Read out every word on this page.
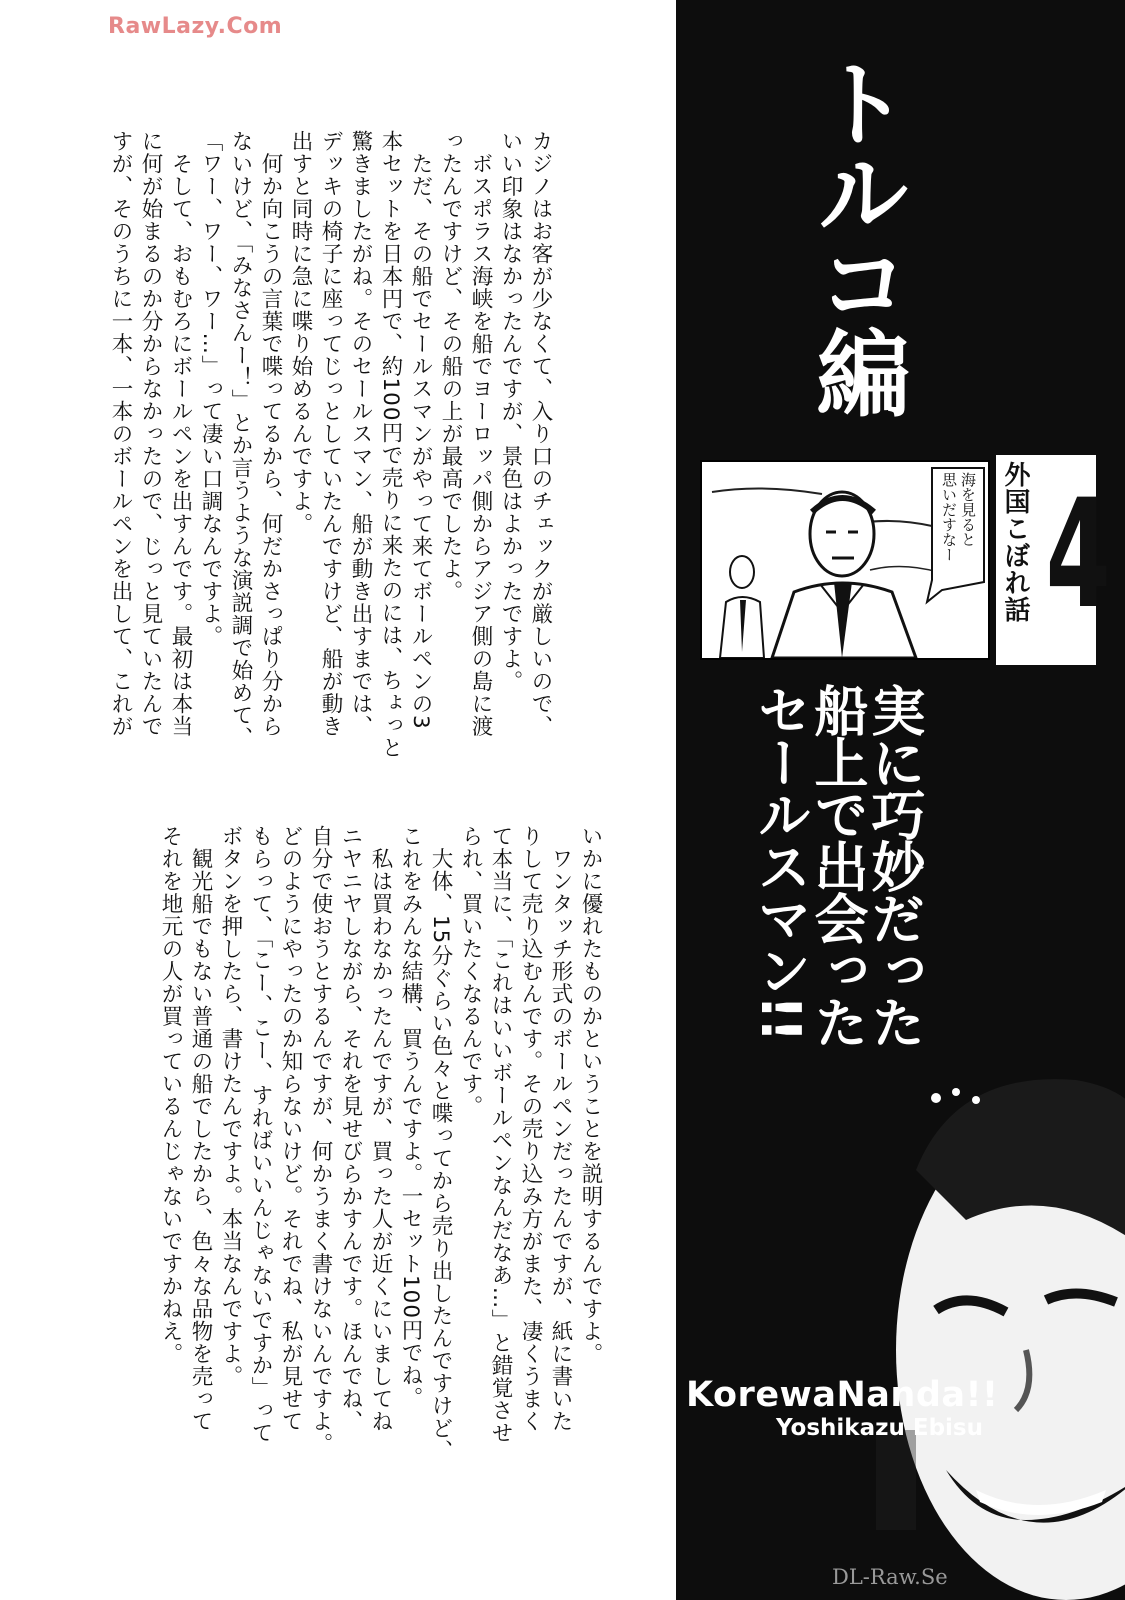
RawLazy.Com
カジノはお客が少なくて、入り口のチェックが厳しいので、
いい印象はなかったんですが、景色はよかったですよ。
　ボスポラス海峡を船でヨーロッパ側からアジア側の島に渡
ったんですけど、その船の上が最高でしたよ。
　ただ、その船でセールスマンがやって来てボールペンの3
本セットを日本円で、約100円で売りに来たのには、ちょっと
驚きましたがね。そのセールスマン、船が動き出すまでは、
デッキの椅子に座ってじっとしていたんですけど、船が動き
出すと同時に急に喋り始めるんですよ。
　何か向こうの言葉で喋ってるから、何だかさっぱり分から
ないけど、「みなさんー！」とか言うような演説調で始めて、
「ワー、ワー、ワー…」って凄い口調なんですよ。
　そして、おもむろにボールペンを出すんです。最初は本当
に何が始まるのか分からなかったので、じっと見ていたんで
すが、そのうちに一本、一本のボールペンを出して、これが
いかに優れたものかということを説明するんですよ。
　ワンタッチ形式のボールペンだったんですが、紙に書いた
りして売り込むんです。その売り込み方がまた、凄くうまく
て本当に、「これはいいボールペンなんだなあ…」と錯覚させ
られ、買いたくなるんです。
　大体、15分ぐらい色々と喋ってから売り出したんですけど、
これをみんな結構、買うんですよ。一セット100円でね。
　私は買わなかったんですが、買った人が近くにいましてね
ニヤニヤしながら、それを見せびらかすんです。ほんでね、
自分で使おうとするんですが、何かうまく書けないんですよ。
どのようにやったのか知らないけど。それでね、私が見せて
もらって、「こー、こー、すればいいんじゃないですか」って
ボタンを押したら、書けたんですよ。本当なんですよ。
　観光船でもない普通の船でしたから、色々な品物を売って
それを地元の人が買っているんじゃないですかねえ。
トルコ編
海を見ると
思いだすなー 外国こぼれ話 4
実に巧妙だった
船上で出会った
セールスマン!!
KorewaNanda!!
Yoshikazu Ebisu
DL-Raw.Se
